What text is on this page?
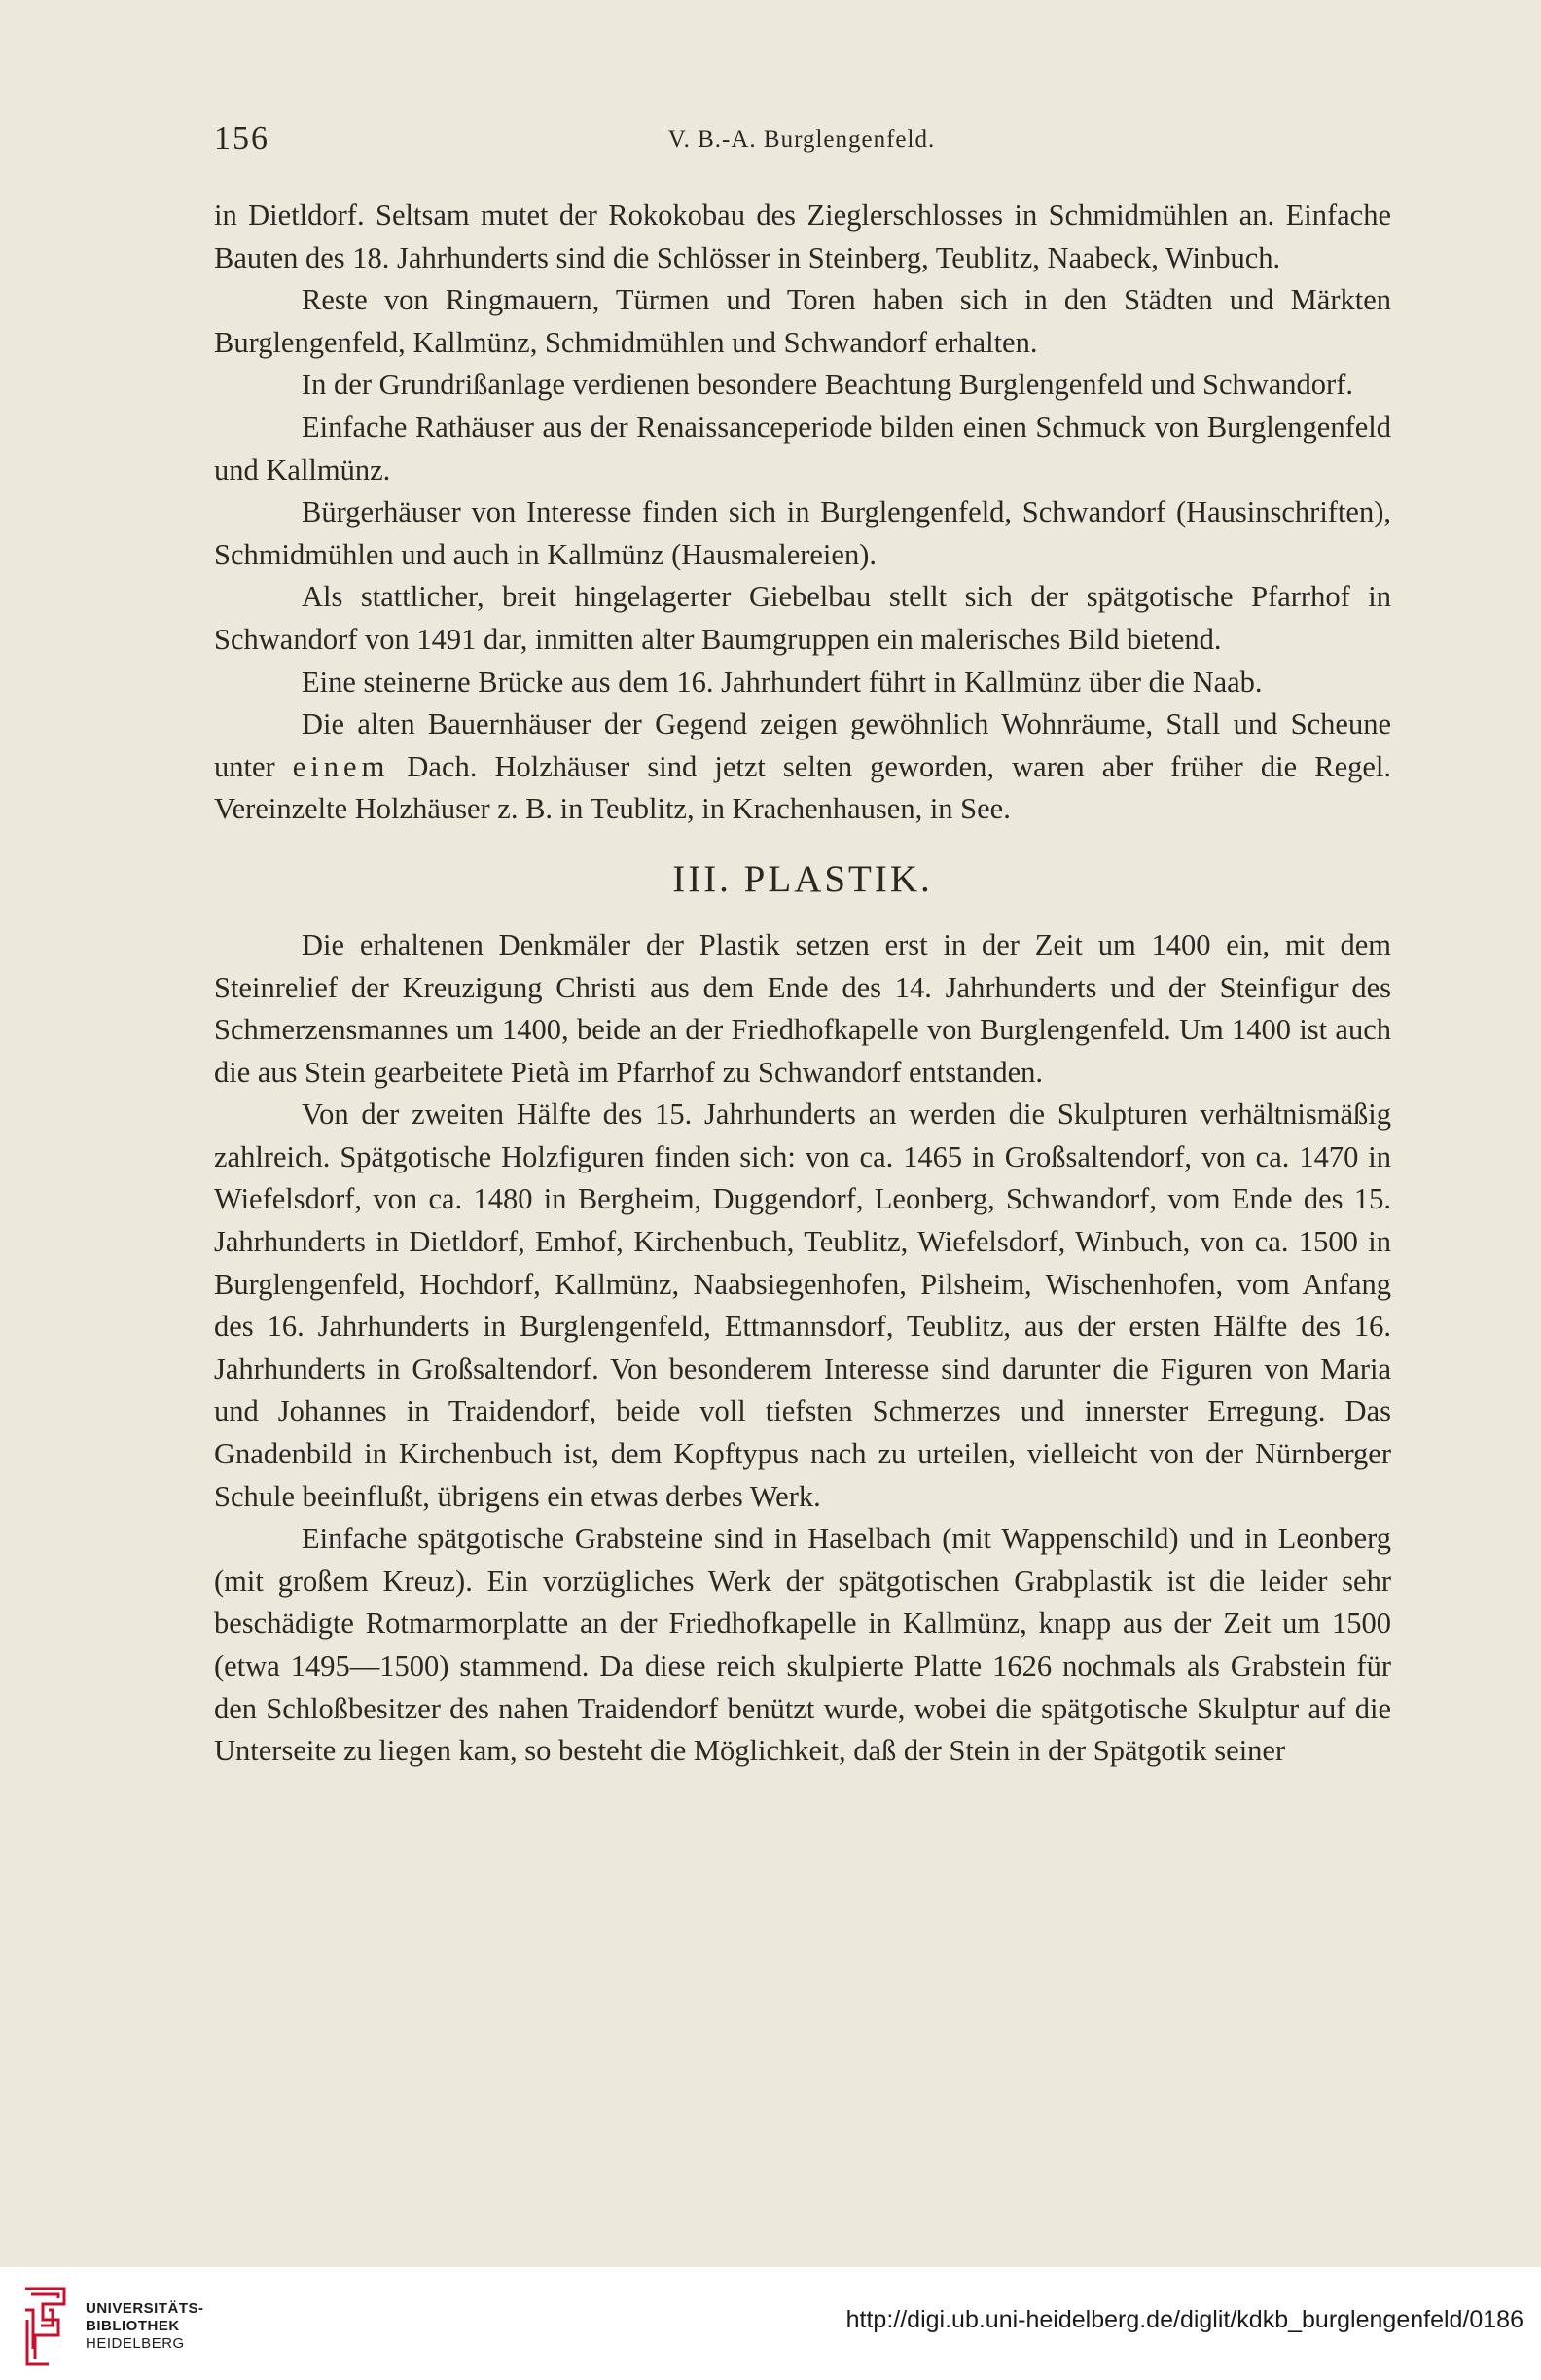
156	V. B.-A. Burglengenfeld.

in Dietldorf. Seltsam mutet der Rokokobau des Zieglerschlosses in Schmidmühlen an. Einfache Bauten des 18. Jahrhunderts sind die Schlösser in Steinberg, Teublitz, Naabeck, Winbuch.

Reste von Ringmauern, Türmen und Toren haben sich in den Städten und Märkten Burglengenfeld, Kallmünz, Schmidmühlen und Schwandorf erhalten.

In der Grundrißanlage verdienen besondere Beachtung Burglengenfeld und Schwandorf.

Einfache Rathäuser aus der Renaissanceperiode bilden einen Schmuck von Burglengenfeld und Kallmünz.

Bürgerhäuser von Interesse finden sich in Burglengenfeld, Schwandorf (Hausinschriften), Schmidmühlen und auch in Kallmünz (Hausmalereien).

Als stattlicher, breit hingelagerter Giebelbau stellt sich der spätgotische Pfarrhof in Schwandorf von 1491 dar, inmitten alter Baumgruppen ein malerisches Bild bietend.

Eine steinerne Brücke aus dem 16. Jahrhundert führt in Kallmünz über die Naab.

Die alten Bauernhäuser der Gegend zeigen gewöhnlich Wohnräume, Stall und Scheune unter einem Dach. Holzhäuser sind jetzt selten geworden, waren aber früher die Regel. Vereinzelte Holzhäuser z. B. in Teublitz, in Krachenhausen, in See.

III. PLASTIK.

Die erhaltenen Denkmäler der Plastik setzen erst in der Zeit um 1400 ein, mit dem Steinrelief der Kreuzigung Christi aus dem Ende des 14. Jahrhunderts und der Steinfigur des Schmerzensmannes um 1400, beide an der Friedhofkapelle von Burglengenfeld. Um 1400 ist auch die aus Stein gearbeitete Pietà im Pfarrhof zu Schwandorf entstanden.

Von der zweiten Hälfte des 15. Jahrhunderts an werden die Skulpturen verhältnismäßig zahlreich. Spätgotische Holzfiguren finden sich: von ca. 1465 in Großsaltendorf, von ca. 1470 in Wiefelsdorf, von ca. 1480 in Bergheim, Duggendorf, Leonberg, Schwandorf, vom Ende des 15. Jahrhunderts in Dietldorf, Emhof, Kirchenbuch, Teublitz, Wiefelsdorf, Winbuch, von ca. 1500 in Burglengenfeld, Hochdorf, Kallmünz, Naabsiegenhofen, Pilsheim, Wischenhofen, vom Anfang des 16. Jahrhunderts in Burglengenfeld, Ettmannsdorf, Teublitz, aus der ersten Hälfte des 16. Jahrhunderts in Großsaltendorf. Von besonderem Interesse sind darunter die Figuren von Maria und Johannes in Traidendorf, beide voll tiefsten Schmerzes und innerster Erregung. Das Gnadenbild in Kirchenbuch ist, dem Kopftypus nach zu urteilen, vielleicht von der Nürnberger Schule beeinflußt, übrigens ein etwas derbes Werk.

Einfache spätgotische Grabsteine sind in Haselbach (mit Wappenschild) und in Leonberg (mit großem Kreuz). Ein vorzügliches Werk der spätgotischen Grabplastik ist die leider sehr beschädigte Rotmarmorplatte an der Friedhofkapelle in Kallmünz, knapp aus der Zeit um 1500 (etwa 1495—1500) stammend. Da diese reich skulpierte Platte 1626 nochmals als Grabstein für den Schloßbesitzer des nahen Traidendorf benützt wurde, wobei die spätgotische Skulptur auf die Unterseite zu liegen kam, so besteht die Möglichkeit, daß der Stein in der Spätgotik seiner

UNIVERSITÄTS-
BIBLIOTHEK
HEIDELBERG
http://digi.ub.uni-heidelberg.de/diglit/kdkb_burglengenfeld/0186
